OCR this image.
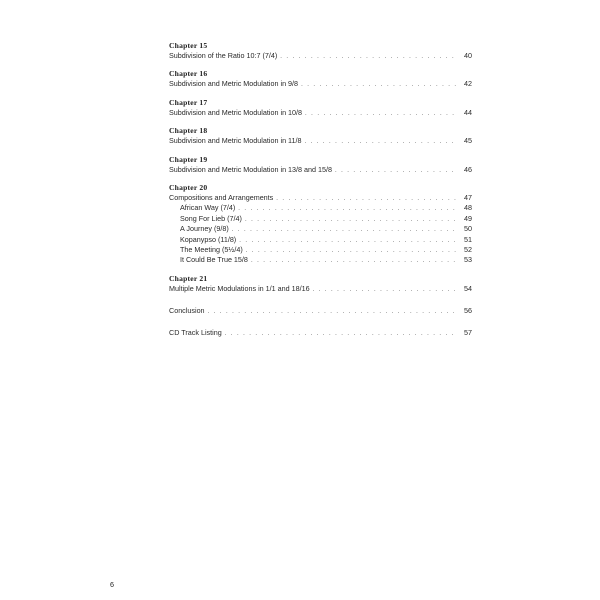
Chapter 15
Subdivision of the Ratio 10:7 (7/4) . . .	40
Chapter 16
Subdivision and Metric Modulation in 9/8 . . .	42
Chapter 17
Subdivision and Metric Modulation in 10/8 . . .	44
Chapter 18
Subdivision and Metric Modulation in 11/8 . . .	45
Chapter 19
Subdivision and Metric Modulation in 13/8 and 15/8 . . .	46
Chapter 20
Compositions and Arrangements . . .	47
African Way (7/4) . . .	48
Song For Lieb (7/4) . . .	49
A Journey (9/8) . . .	50
Kopanypso (11/8) . . .	51
The Meeting (5½/4) . . .	52
It Could Be True 15/8 . . .	53
Chapter 21
Multiple Metric Modulations in 1/1 and 18/16 . . .	54
Conclusion . . .	56
CD Track Listing . . .	57
6
